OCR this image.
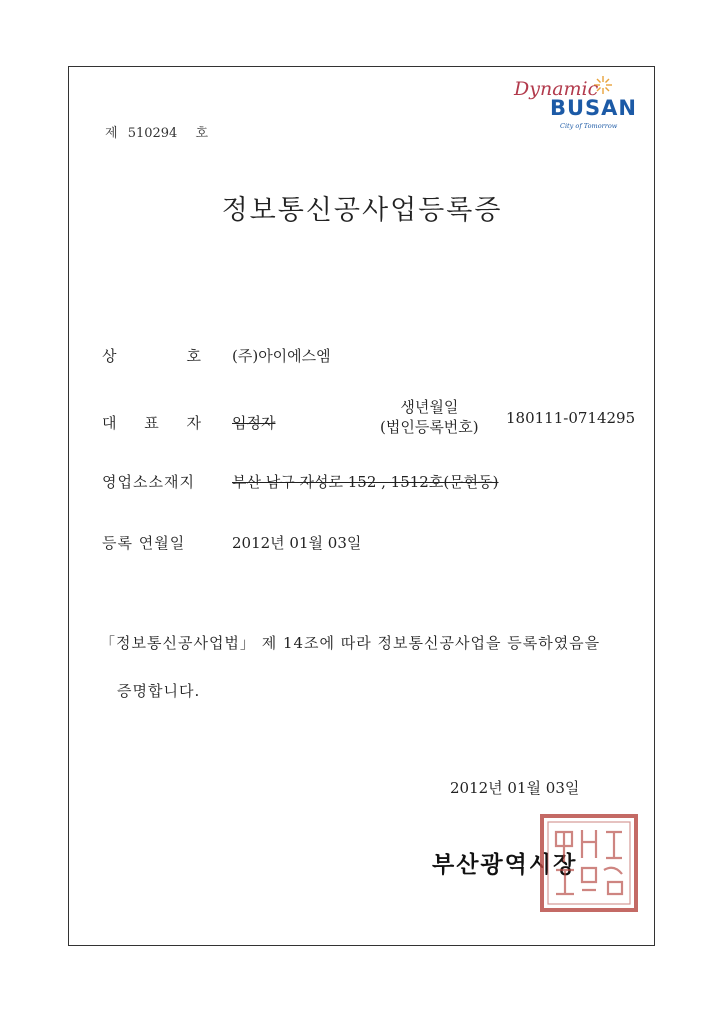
제 510294 호
Dynamic
BUSAN
City of Tomorrow
정보통신공사업등록증
상	호 (주)아이에스엠
대 표 자 임정자
생년월일
(법인등록번호) 180111-0714295
영업소소재지 부산 남구 자성로 152 , 1512호(문현동)
등록 연월일	2012년 01월 03일
「정보통신공사업법」 제 14조에 따라 정보통신공사업을 등록하였음을
증명합니다.
2012년 01월 03일
부산광역시장
